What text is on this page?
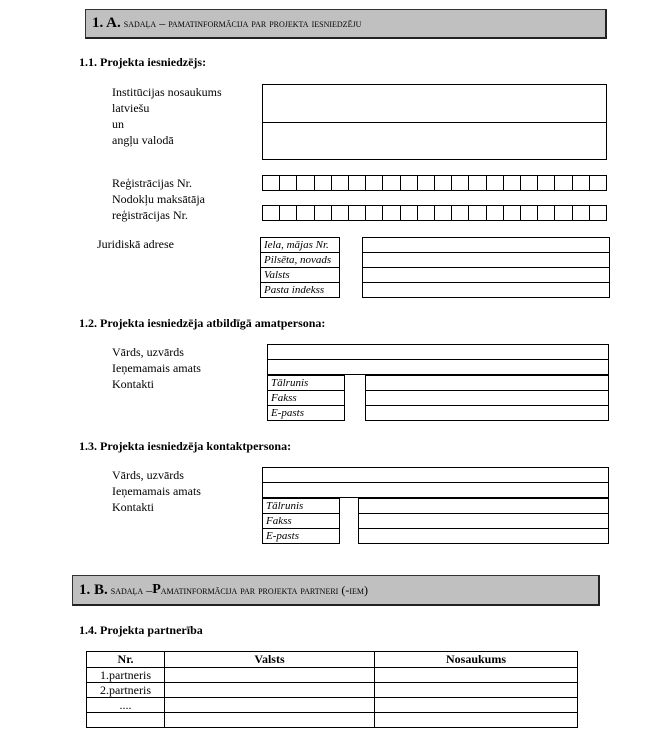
1. A.
sadaļa – pamatinformācija par projekta iesniedzēju
1.1. Projekta iesniedzējs:
Institūcijas nosaukums
latviešu
un
angļu valodā
Reģistrācijas Nr.
Nodokļu maksātāja
reģistrācijas Nr.
Juridiskā adrese	Iela, mājas Nr.
Pilsēta, novads
Valsts
Pasta indekss

1.2. Projekta iesniedzēja atbildīgā amatpersona:
Vārds, uzvārds
Ieņemamais amats
Kontakti	Tālrunis
Fakss
E-pasts

1.3. Projekta iesniedzēja kontaktpersona:
Vārds, uzvārds
Ieņemamais amats
Kontakti	Tālrunis
Fakss
E-pasts

1. B.
sadaļa – P amatinformācija par projekta partneri (-iem)
1.4. Projekta partnerība
Nr.	Valsts	Nosaukums
1.partneris		
2.partneris		
....		
